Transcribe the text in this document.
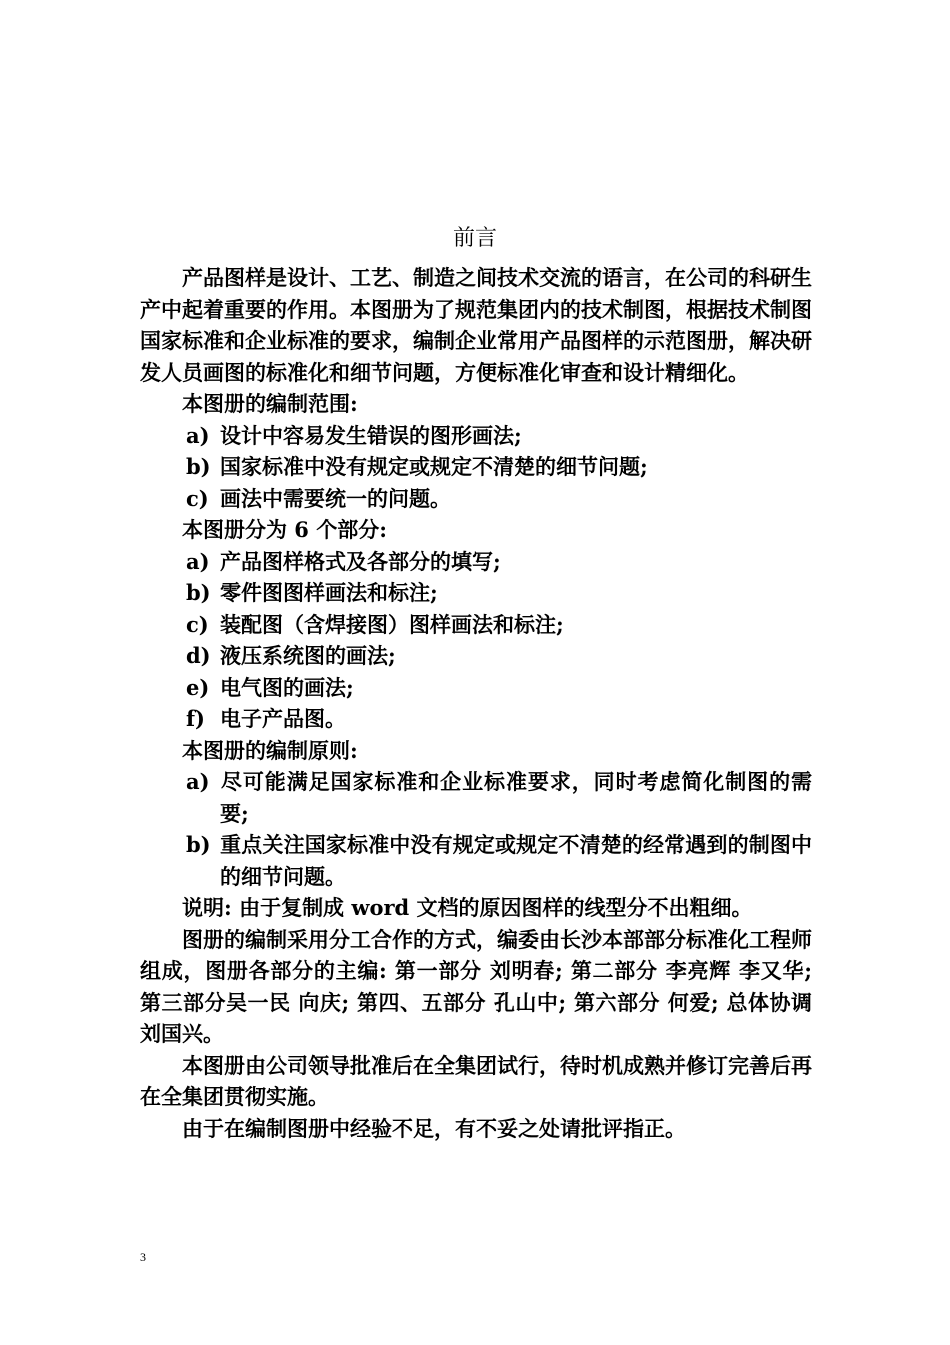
前言

产品图样是设计、工艺、制造之间技术交流的语言，在公司的科研生产中起着重要的作用。本图册为了规范集团内的技术制图，根据技术制图国家标准和企业标准的要求，编制企业常用产品图样的示范图册，解决研发人员画图的标准化和细节问题，方便标准化审查和设计精细化。

本图册的编制范围:

a) 设计中容易发生错误的图形画法;

b) 国家标准中没有规定或规定不清楚的细节问题;

c) 画法中需要统一的问题。

本图册分为 6 个部分:

a) 产品图样格式及各部分的填写;

b) 零件图图样画法和标注;

c) 装配图（含焊接图）图样画法和标注;

d) 液压系统图的画法;

e) 电气图的画法;

f) 电子产品图。

本图册的编制原则:

a) 尽可能满足国家标准和企业标准要求，同时考虑简化制图的需要;

b) 重点关注国家标准中没有规定或规定不清楚的经常遇到的制图中的细节问题。

说明: 由于复制成 word 文档的原因图样的线型分不出粗细。

图册的编制采用分工合作的方式，编委由长沙本部部分标准化工程师组成，图册各部分的主编: 第一部分 刘明春; 第二部分 李亮辉 李又华; 第三部分吴一民 向庆; 第四、五部分 孔山中; 第六部分 何爱; 总体协调 刘国兴。

本图册由公司领导批准后在全集团试行，待时机成熟并修订完善后再在全集团贯彻实施。

由于在编制图册中经验不足，有不妥之处请批评指正。

3
